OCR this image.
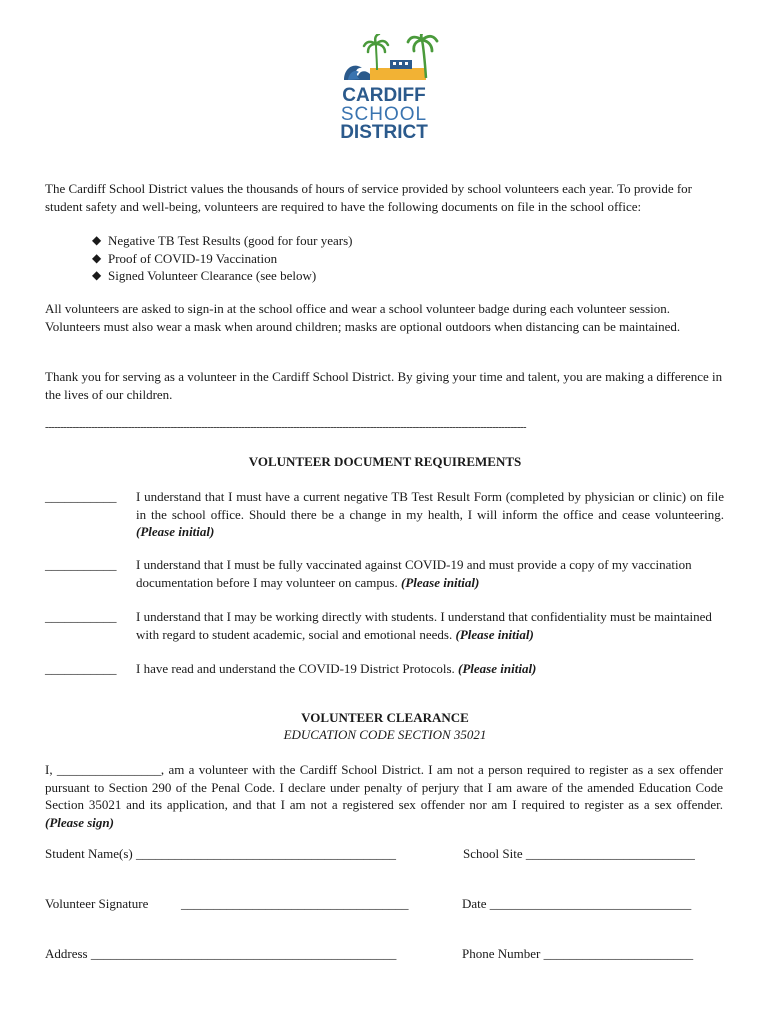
CARDIFF
SCHOOL
DISTRICT

The Cardiff School District values the thousands of hours of service provided by school volunteers each year. To provide for student safety and well-being, volunteers are required to have the following documents on file in the school office:

◆ Negative TB Test Results (good for four years)
◆ Proof of COVID-19 Vaccination
◆ Signed Volunteer Clearance (see below)

All volunteers are asked to sign-in at the school office and wear a school volunteer badge during each volunteer session. Volunteers must also wear a mask when around children; masks are optional outdoors when distancing can be maintained.

Thank you for serving as a volunteer in the Cardiff School District. By giving your time and talent, you are making a difference in the lives of our children.

-------------------------------------------------------------------------------------------------------------------------------------------------------------
VOLUNTEER DOCUMENT REQUIREMENTS
___________	I understand that I must have a current negative TB Test Result Form (completed by physician or clinic) on file in the school office. Should there be a change in my health, I will inform the office and cease volunteering. (Please initial)
___________	I understand that I must be fully vaccinated against COVID-19 and must provide a copy of my vaccination documentation before I may volunteer on campus. (Please initial)
___________	I understand that I may be working directly with students. I understand that confidentiality must be maintained with regard to student academic, social and emotional needs. (Please initial)
___________	I have read and understand the COVID-19 District Protocols. (Please initial)
VOLUNTEER CLEARANCE
EDUCATION CODE SECTION 35021

I, ________________, am a volunteer with the Cardiff School District. I am not a person required to register as a sex offender pursuant to Section 290 of the Penal Code. I declare under penalty of perjury that I am aware of the amended Education Code Section 35021 and its application, and that I am not a registered sex offender nor am I required to register as a sex offender. (Please sign)

Student Name(s) ________________________________________	School Site __________________________
Volunteer Signature	___________________________________	Date _______________________________
Address _______________________________________________	Phone Number _______________________
